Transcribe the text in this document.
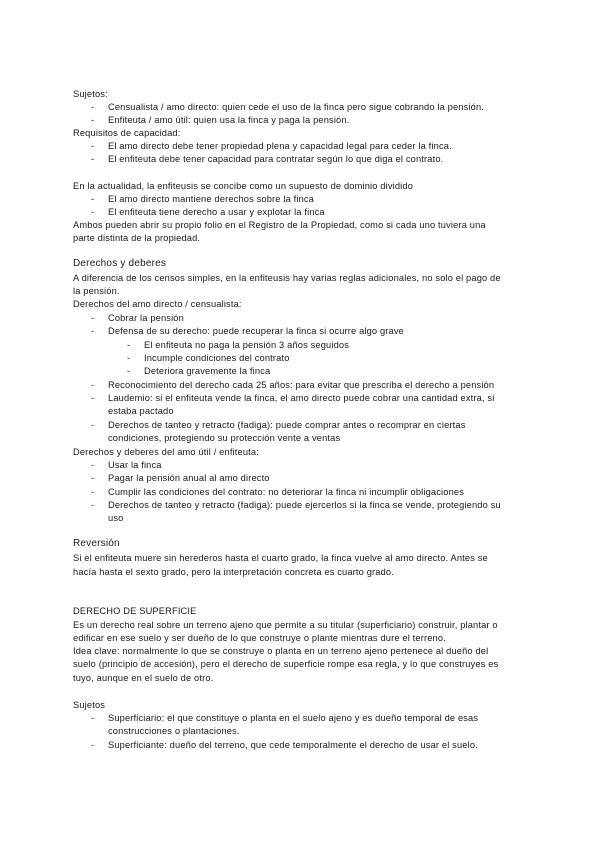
Sujetos:
- Censualista / amo directo: quien cede el uso de la finca pero sigue cobrando la pensión.
- Enfiteuta / amo útil: quien usa la finca y paga la pensión.
Requisitos de capacidad:
- El amo directo debe tener propiedad plena y capacidad legal para ceder la finca.
- El enfiteuta debe tener capacidad para contratar según lo que diga el contrato.
En la actualidad, la enfiteusis se concibe como un supuesto de dominio dividido
- El amo directo mantiene derechos sobre la finca
- El enfiteuta tiene derecho a usar y explotar la finca
Ambos pueden abrir su propio folio en el Registro de la Propiedad, como si cada uno tuviera una
parte distinta de la propiedad.
Derechos y deberes
A diferencia de los censos simples, en la enfiteusis hay varias reglas adicionales, no solo el pago de
la pensión.
Derechos del amo directo / censualista:
- Cobrar la pensión
- Defensa de su derecho: puede recuperar la finca si ocurre algo grave
- El enfiteuta no paga la pensión 3 años seguidos
- Incumple condiciones del contrato
- Deteriora gravemente la finca
- Reconocimiento del derecho cada 25 años: para evitar que prescriba el derecho a pensión
- Laudemio: si el enfiteuta vende la finca, el amo directo puede cobrar una cantidad extra, si
estaba pactado
- Derechos de tanteo y retracto (fadiga): puede comprar antes o recomprar en ciertas
condiciones, protegiendo su protección vente a ventas
Derechos y deberes del amo útil / enfiteuta:
- Usar la finca
- Pagar la pensión anual al amo directo
- Cumplir las condiciones del contrato: no deteriorar la finca ni incumplir obligaciones
- Derechos de tanteo y retracto (fadiga): puede ejercerlos si la finca se vende, protegiendo su
uso
Reversión
Si el enfiteuta muere sin herederos hasta el cuarto grado, la finca vuelve al amo directo. Antes se
hacía hasta el sexto grado, pero la interpretación concreta es cuarto grado.
DERECHO DE SUPERFICIE
Es un derecho real sobre un terreno ajeno que permite a su titular (superficiario) construir, plantar o
edificar en ese suelo y ser dueño de lo que construye o plante mientras dure el terreno.
Idea clave: normalmente lo que se construye o planta en un terreno ajeno pertenece al dueño del
suelo (principio de accesión), pero el derecho de superficie rompe esa regla, y lo que construyes es
tuyo, aunque en el suelo de otro.
Sujetos
- Superficiario: el que constituye o planta en el suelo ajeno y es dueño temporal de esas
construcciones o plantaciones.
- Superficiante: dueño del terreno, que cede temporalmente el derecho de usar el suelo.
